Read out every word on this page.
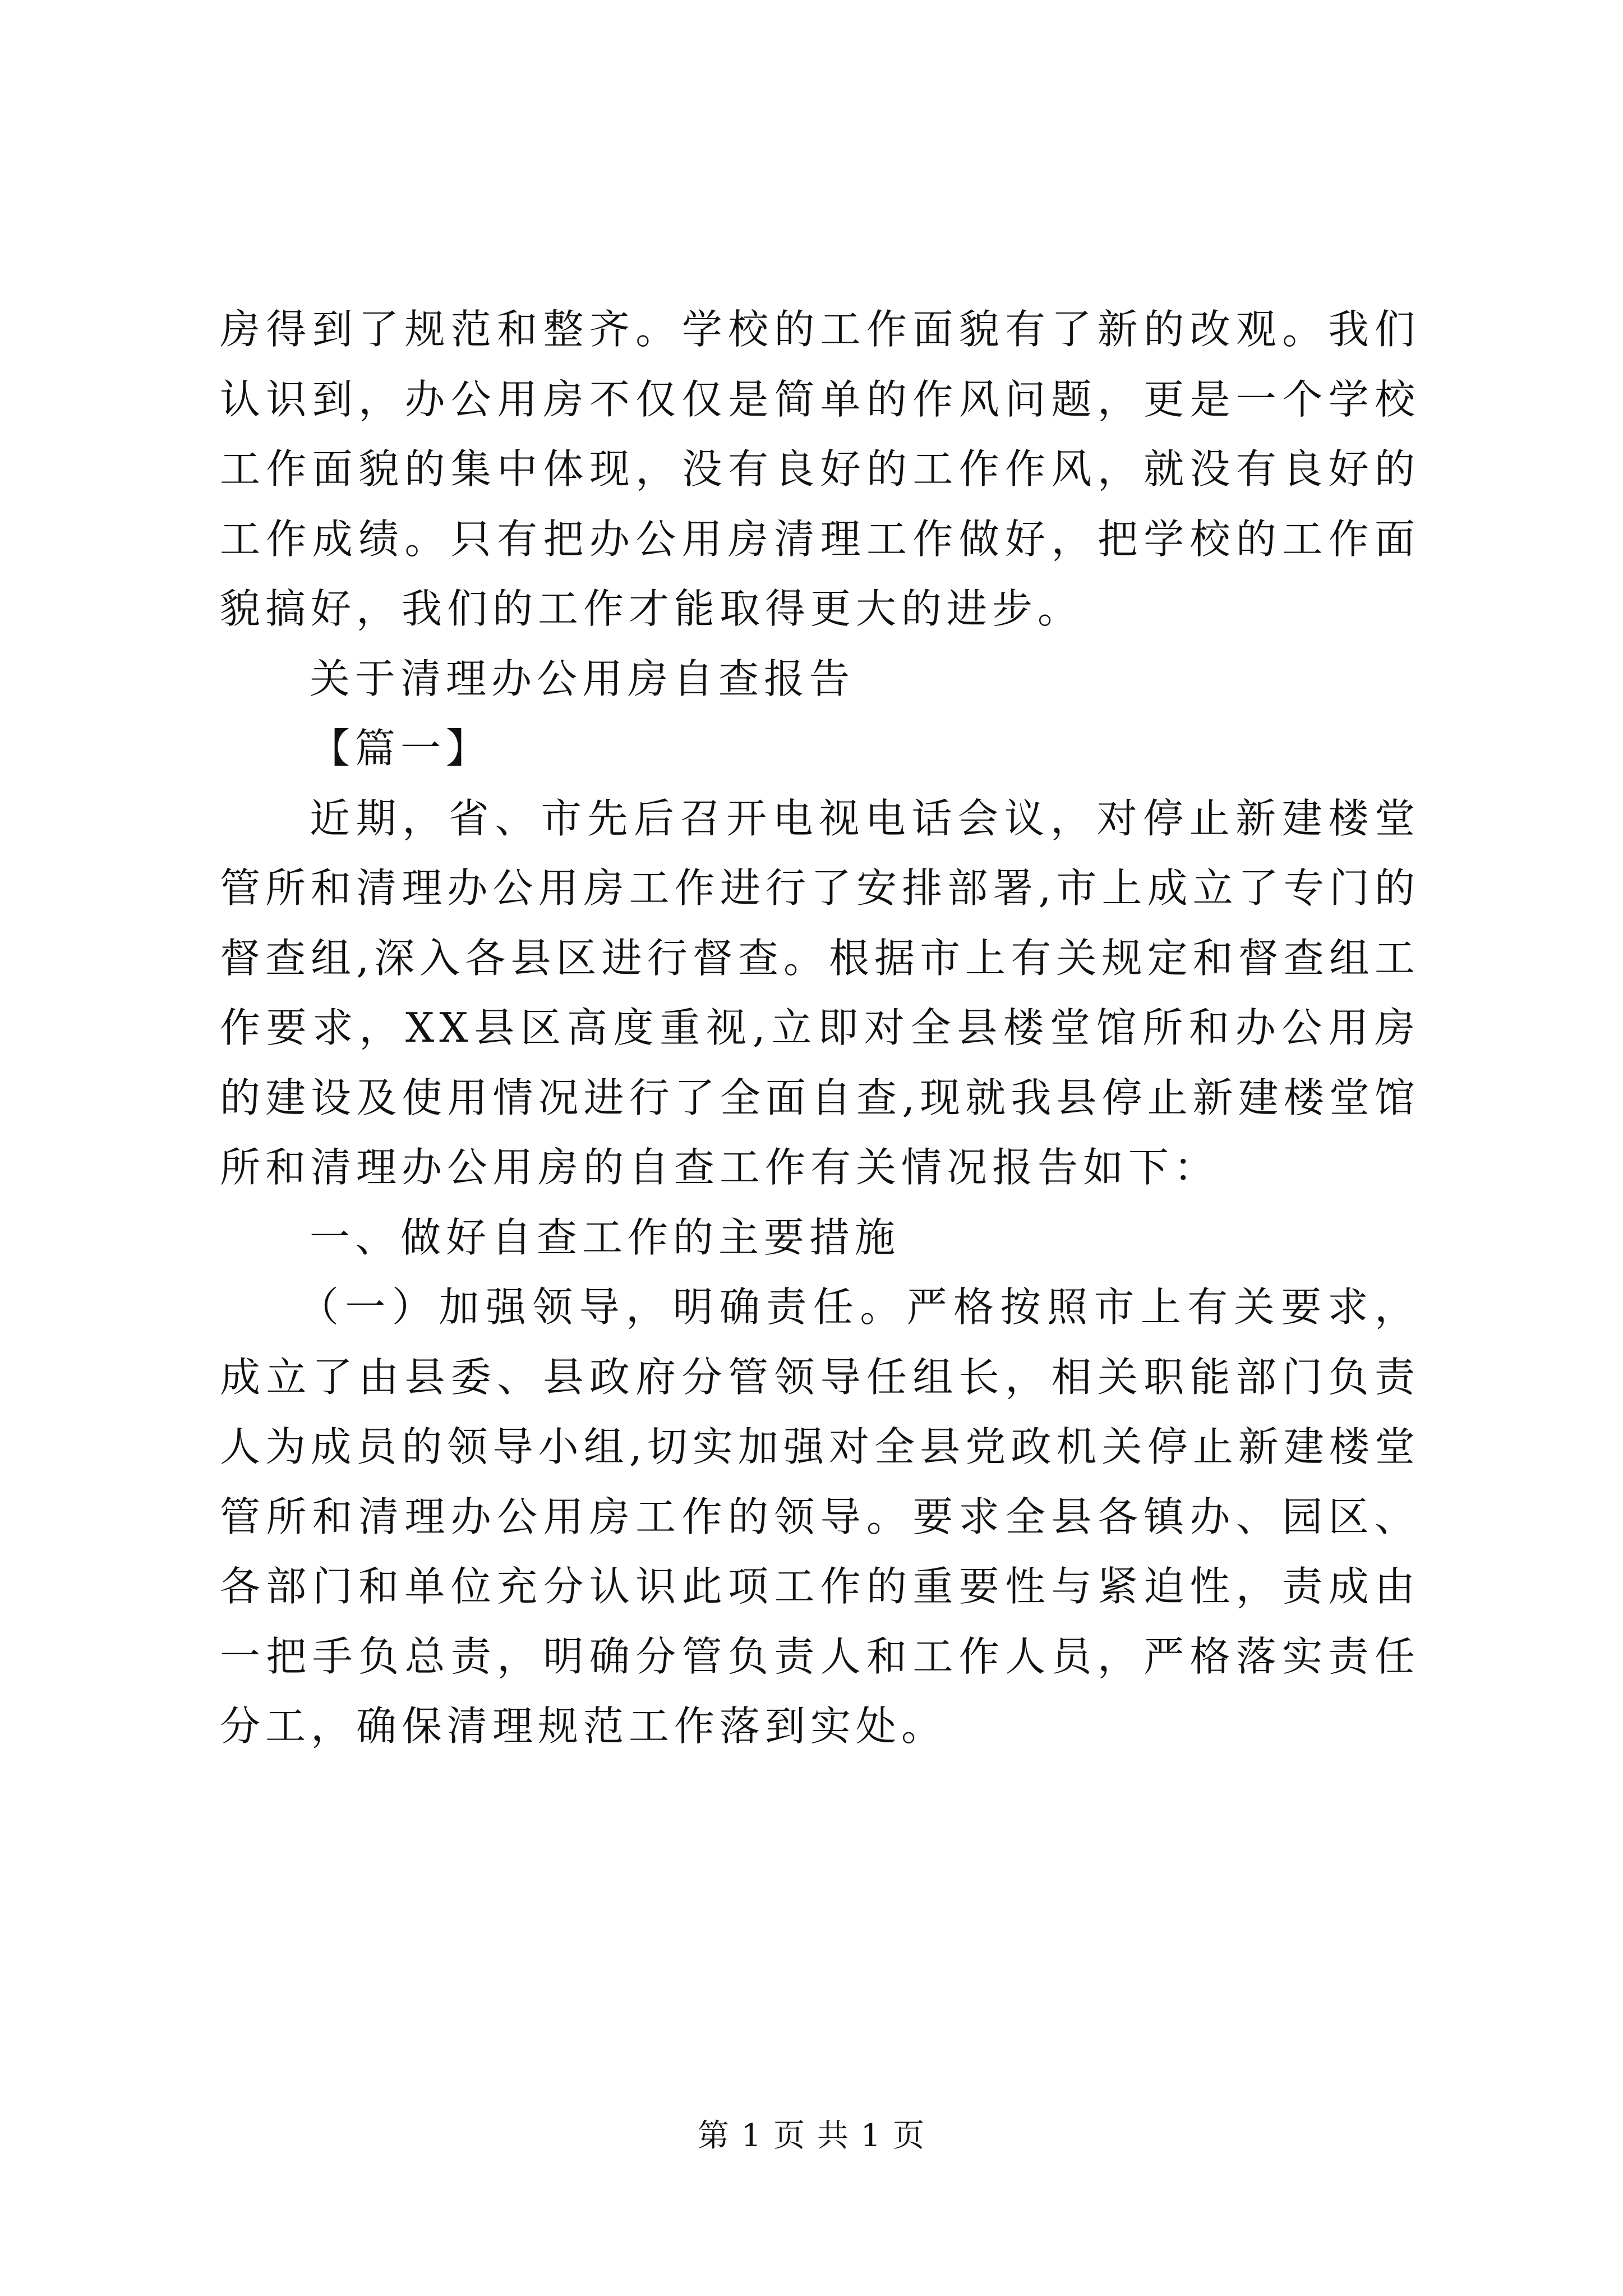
房得到了规范和整齐。学校的工作面貌有了新的改观。我们认识到，办公用房不仅仅是简单的作风问题，更是一个学校工作面貌的集中体现，没有良好的工作作风，就没有良好的工作成绩。只有把办公用房清理工作做好，把学校的工作面貌搞好，我们的工作才能取得更大的进步。

关于清理办公用房自查报告

【篇一】

近期，省、市先后召开电视电话会议，对停止新建楼堂管所和清理办公用房工作进行了安排部署,市上成立了专门的督查组,深入各县区进行督查。根据市上有关规定和督查组工作要求，XX县区高度重视,立即对全县楼堂馆所和办公用房的建设及使用情况进行了全面自查,现就我县停止新建楼堂馆所和清理办公用房的自查工作有关情况报告如下：

一、做好自查工作的主要措施

（一）加强领导，明确责任。严格按照市上有关要求，成立了由县委、县政府分管领导任组长，相关职能部门负责人为成员的领导小组,切实加强对全县党政机关停止新建楼堂管所和清理办公用房工作的领导。要求全县各镇办、园区、各部门和单位充分认识此项工作的重要性与紧迫性，责成由一把手负总责，明确分管负责人和工作人员，严格落实责任分工，确保清理规范工作落到实处。

第 1 页 共 1 页
